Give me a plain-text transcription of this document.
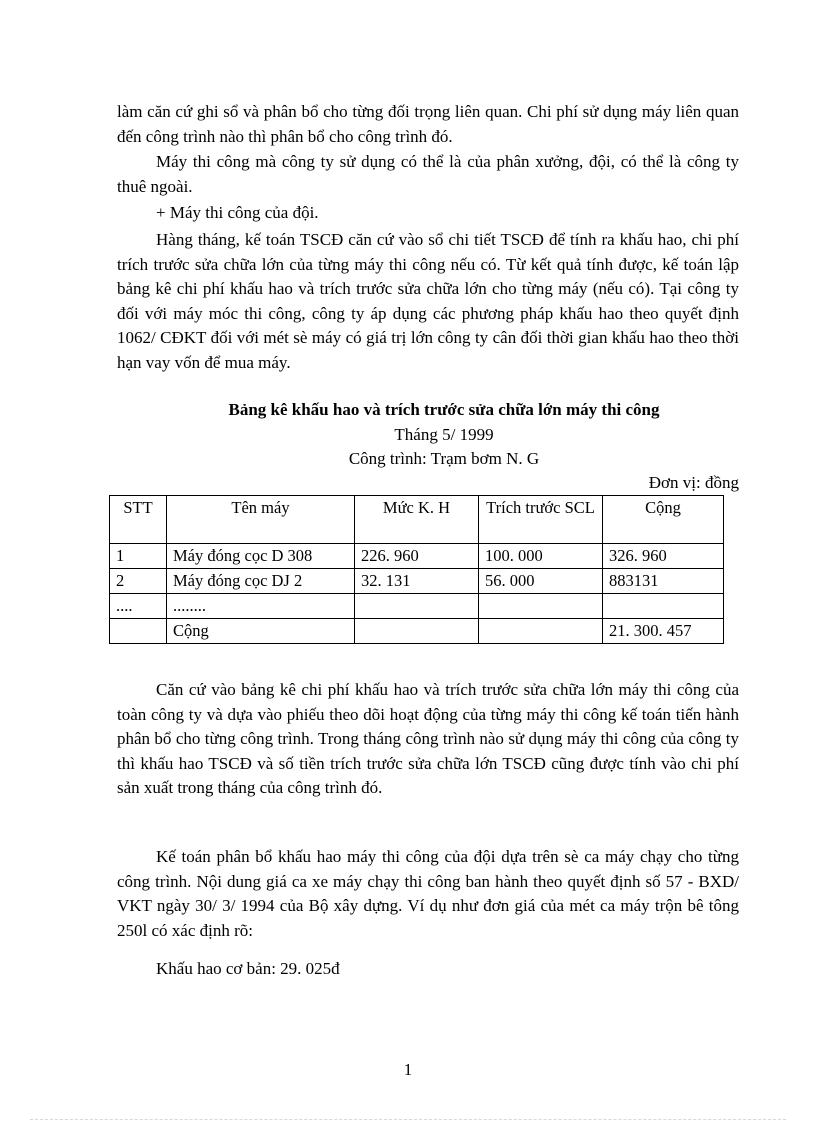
làm căn cứ ghi sổ và phân bổ cho từng đối trọng liên quan. Chi phí sử dụng máy liên quan đến công trình nào thì phân bổ cho công trình đó.

Máy thi công mà công ty sử dụng có thể là của phân xưởng, đội, có thể là công ty thuê ngoài.

+ Máy thi công của đội.

Hàng tháng, kế toán TSCĐ căn cứ vào sổ chi tiết TSCĐ để tính ra khấu hao, chi phí trích trước sửa chữa lớn của từng máy thi công nếu có. Từ kết quả tính được, kế toán lập bảng kê chi phí khấu hao và trích trước sửa chữa lớn cho từng máy (nếu có). Tại công ty đối với máy móc thi công, công ty áp dụng các phương pháp khấu hao theo quyết định 1062/ CĐKT đối với mét sè máy có giá trị lớn công ty cân đối thời gian khấu hao theo thời hạn vay vốn để mua máy.

Bảng kê khấu hao và trích trước sửa chữa lớn máy thi công

Tháng 5/ 1999

Công trình: Trạm bơm N. G

Đơn vị: đồng
STT	Tên máy	Mức K. H	Trích trước SCL	Cộng
1	Máy đóng cọc D 308	226. 960	100. 000	326. 960
2	Máy đóng cọc DJ 2	32. 131	56. 000	883131
....	........			
	Cộng			21. 300. 457

Căn cứ vào bảng kê chi phí khấu hao và trích trước sửa chữa lớn máy thi công của toàn công ty và dựa vào phiếu theo dõi hoạt động của từng máy thi công kế toán tiến hành phân bổ cho từng công trình. Trong tháng công trình nào sử dụng máy thi công của công ty thì khấu hao TSCĐ và số tiền trích trước sửa chữa lớn TSCĐ cũng được tính vào chi phí sản xuất trong tháng của công trình đó.

Kế toán phân bổ khấu hao máy thi công của đội dựa trên sè ca máy chạy cho từng công trình. Nội dung giá ca xe máy chạy thi công ban hành theo quyết định số 57 - BXD/ VKT ngày 30/ 3/ 1994 của Bộ xây dựng. Ví dụ như đơn giá của mét ca máy trộn bê tông 250l có xác định rõ:

Khấu hao cơ bản: 29. 025đ

1
